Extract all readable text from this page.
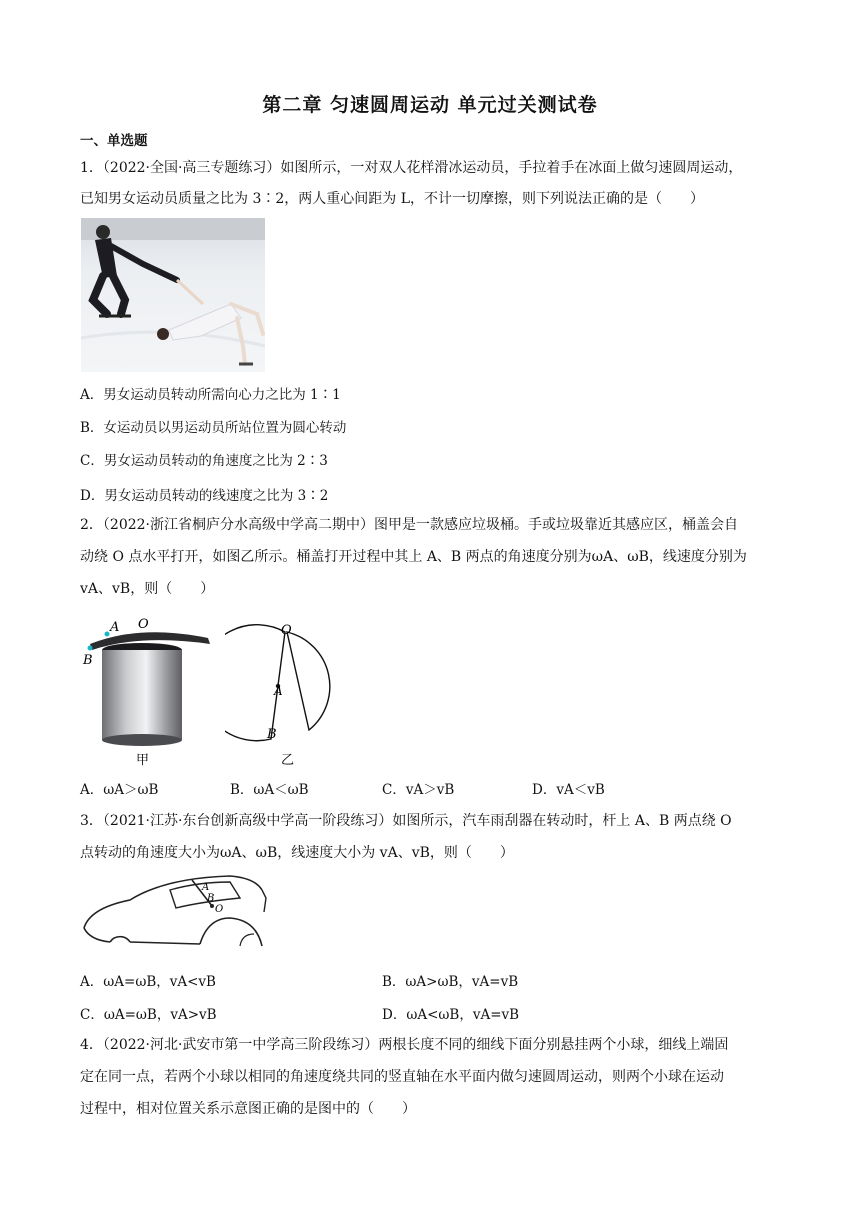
第二章 匀速圆周运动 单元过关测试卷
一、单选题
1．（2022·全国·高三专题练习）如图所示，一对双人花样滑冰运动员，手拉着手在冰面上做匀速圆周运动，
已知男女运动员质量之比为 3∶2，两人重心间距为 L，不计一切摩擦，则下列说法正确的是（　　）
A．男女运动员转动所需向心力之比为 1∶1
B．女运动员以男运动员所站位置为圆心转动
C．男女运动员转动的角速度之比为 2∶3
D．男女运动员转动的线速度之比为 3∶2
2．（2022·浙江省桐庐分水高级中学高二期中）图甲是一款感应垃圾桶。手或垃圾靠近其感应区，桶盖会自
动绕 O 点水平打开，如图乙所示。桶盖打开过程中其上 A、B 两点的角速度分别为ωA、ωB，线速度分别为
vA、vB，则（　　）
A O
B
甲
O
A
B
乙
A．ωA＞ωB	B．ωA＜ωB	C．vA＞vB	D．vA＜vB
3．（2021·江苏·东台创新高级中学高一阶段练习）如图所示，汽车雨刮器在转动时，杆上 A、B 两点绕 O
点转动的角速度大小为ωA、ωB，线速度大小为 vA、vB，则（　　）
A
B
O
A．ωA=ωB，vA<vB	B．ωA>ωB，vA=vB
C．ωA=ωB，vA>vB	D．ωA<ωB，vA=vB
4．（2022·河北·武安市第一中学高三阶段练习）两根长度不同的细线下面分别悬挂两个小球，细线上端固
定在同一点，若两个小球以相同的角速度绕共同的竖直轴在水平面内做匀速圆周运动，则两个小球在运动
过程中，相对位置关系示意图正确的是图中的（　　）
